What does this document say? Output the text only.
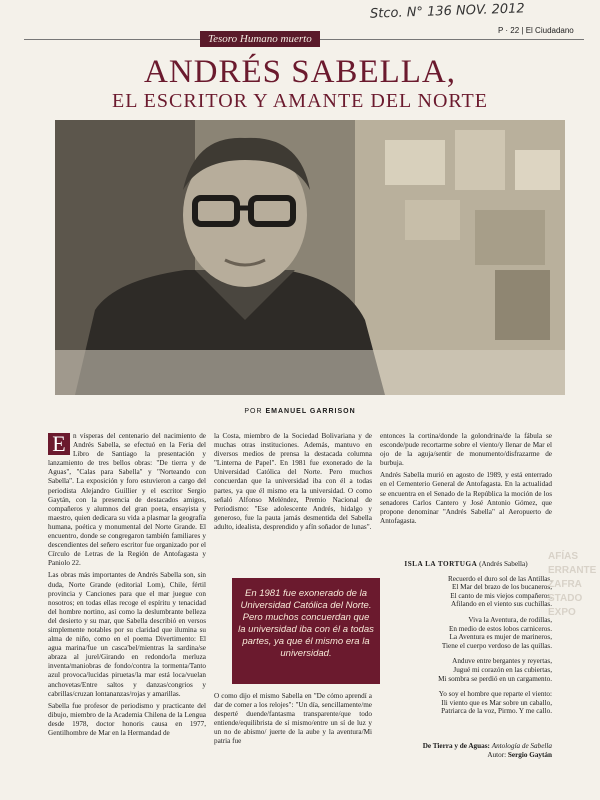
Stco. N° 136 NOV. 2012
P · 22 | El Ciudadano
Tesoro Humano muerto
ANDRÉS SABELLA,
EL ESCRITOR Y AMANTE DEL NORTE
POR EMANUEL GARRISON

E	n vísperas del centenario del nacimiento de Andrés Sabella, se efectuó en la Feria del Libro de Santiago la presentación y lanzamiento de tres bellos obras: "De tierra y de Aguas", "Calas para Sabella" y "Norteando con Sabella". La exposición y foro estuvieron a cargo del periodista Alejandro Guillier y el escritor Sergio Gaytán, con la presencia de destacados amigos, compañeros y alumnos del gran poeta, ensayista y maestro, quien dedicara su vida a plasmar la geografía humana, poética y monumental del Norte Grande. El encuentro, donde se congregaron también familiares y descendientes del señero escritor fue organizado por el Círculo de Letras de la Región de Antofagasta y Paniolo 22.

Las obras más importantes de Andrés Sabella son, sin duda, Norte Grande (editorial Lom), Chile, fértil provincia y Canciones para que el mar juegue con nosotros; en todas ellas recoge el espíritu y tenacidad del hombre nortino, así como la deslumbrante belleza del desierto y su mar, que Sabella describió en versos simplemente notables por su claridad que ilumina su alma de niño, como en el poema Divertimento: El agua marina/fue un casca'bel/mientras la sardina/se abraza al jurel/Girando en redondo/la merluza inventa/maniobras de fondo/contra la tormenta/Tanto azul provoca/lucidas piruetas/la mar está loca/vuelan anchovetas/Entre saltos y danzas/congrios y cabrillas/cruzan lontananzas/rojas y amarillas.

Sabella fue profesor de periodismo y practicante del dibujo, miembro de la Academia Chilena de la Lengua desde 1978, doctor honoris causa en 1977, Gentilhombre de Mar en la Hermandad de

la Costa, miembro de la Sociedad Bolivariana y de muchas otras instituciones. Además, mantuvo en diversos medios de prensa la destacada columna "Linterna de Papel". En 1981 fue exonerado de la Universidad Católica del Norte. Pero muchos concuerdan que la universidad iba con él a todas partes, ya que él mismo era la universidad. O como señaló Alfonso Meléndez, Premio Nacional de Periodismo: "Ese adolescente Andrés, hidalgo y generoso, fue la pauta jamás desmentida del Sabella adulto, idealista, desprendido y afín soñador de lunas".

En 1981 fue exonerado de la Universidad Católica del Norte. Pero muchos concuerdan que la universidad iba con él a todas partes, ya que él mismo era la universidad.

O como dijo el mismo Sabella en "De cómo aprendí a dar de comer a los relojes": "Un día, sencillamente/me desperté duende/fantasma transparente/que todo entiende/equilibrista de sí mismo/entre un sí de luz y un no de abismo/ juerte de la aube y la aventura/Mi patria fue

entonces la cortina/donde la golondrina/de la fábula se esconde/pude recortarme sobre el viento/y llenar de Mar el ojo de la aguja/sentir de monumento/disfrazarme de burbuja.

Andrés Sabella murió en agosto de 1989, y está enterrado en el Cementerio General de Antofagasta. En la actualidad se encuentra en el Senado de la República la moción de los senadores Carlos Cantero y José Antonio Gómez, que propone denominar "Andrés Sabella" al Aeropuerto de Antofagasta.

ISLA LA TORTUGA (Andrés Sabella)
Recuerdo el duro sol de las Antillas,
El Mar del brazo de los bucaneros,
El canto de mis viejos compañeros,
Afilando en el viento sus cuchillas.
Viva la Aventura, de rodillas,
En medio de estos lobos carniceros.
La Aventura es mujer de marineros,
Tiene el cuerpo verdoso de las quillas.
Anduve entre bergantes y reyertas,
Jugué mi corazón en las cubiertas,
Mi sombra se perdió en un cargamento.
Yo soy el hombre que reparte el viento:
Ili viento que es Mar sobre un caballo,
Patriarca de la voz, Pirmo. Y me callo.
De Tierra y de Aguas: Antología de Sabella
Autor: Sergio Gaytán
AFÍAS
ERRANTE
ZAFRA
STADO
EXPO
